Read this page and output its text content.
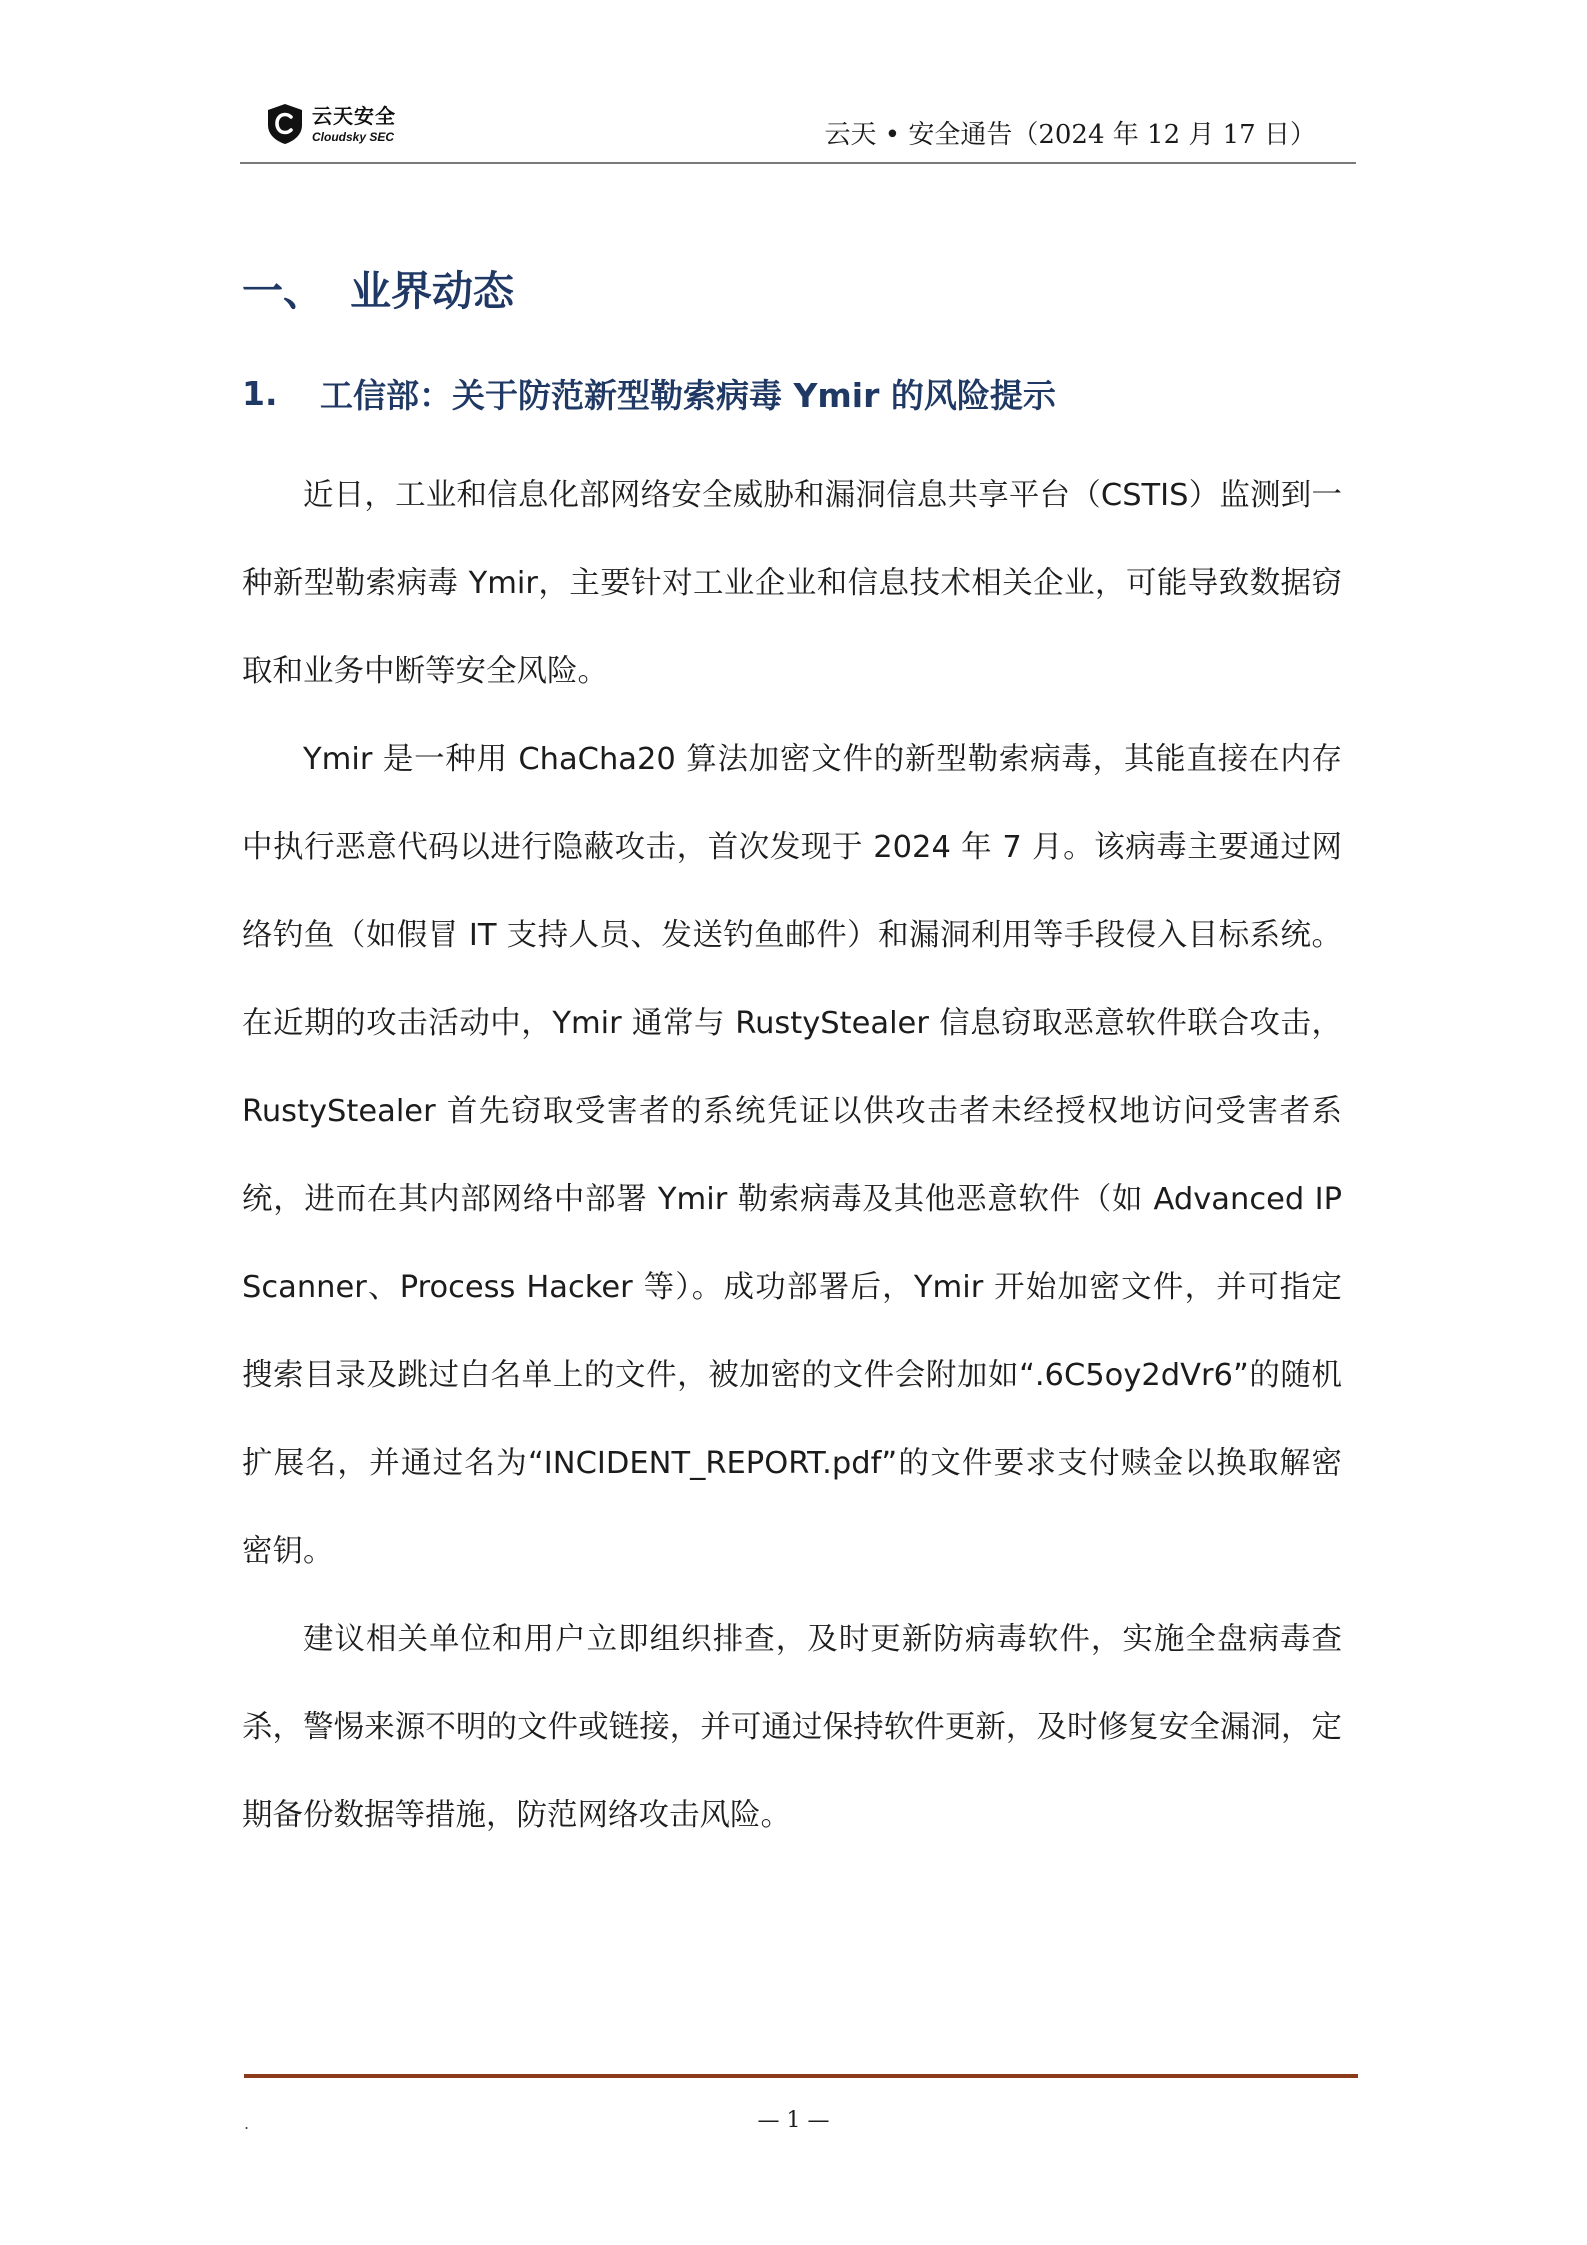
云天安全
Cloudsky SEC	云天 • 安全通告（2024 年 12 月 17 日）
一、 业界动态
1.	工信部：关于防范新型勒索病毒 Ymir 的风险提示

近日，工业和信息化部网络安全威胁和漏洞信息共享平台（CSTIS）监测到一种新型勒索病毒 Ymir，主要针对工业企业和信息技术相关企业，可能导致数据窃取和业务中断等安全风险。

Ymir 是一种用 ChaCha20 算法加密文件的新型勒索病毒，其能直接在内存中执行恶意代码以进行隐蔽攻击，首次发现于 2024 年 7 月。该病毒主要通过网络钓鱼（如假冒 IT 支持人员、发送钓鱼邮件）和漏洞利用等手段侵入目标系统。在近期的攻击活动中，Ymir 通常与 RustyStealer 信息窃取恶意软件联合攻击，RustyStealer 首先窃取受害者的系统凭证以供攻击者未经授权地访问受害者系统，进而在其内部网络中部署 Ymir 勒索病毒及其他恶意软件（如 Advanced IP Scanner、Process Hacker 等）。成功部署后，Ymir 开始加密文件，并可指定搜索目录及跳过白名单上的文件，被加密的文件会附加如“.6C5oy2dVr6”的随机扩展名，并通过名为“INCIDENT_REPORT.pdf”的文件要求支付赎金以换取解密密钥。

建议相关单位和用户立即组织排查，及时更新防病毒软件，实施全盘病毒查杀，警惕来源不明的文件或链接，并可通过保持软件更新，及时修复安全漏洞，定期备份数据等措施，防范网络攻击风险。

.	— 1 —
